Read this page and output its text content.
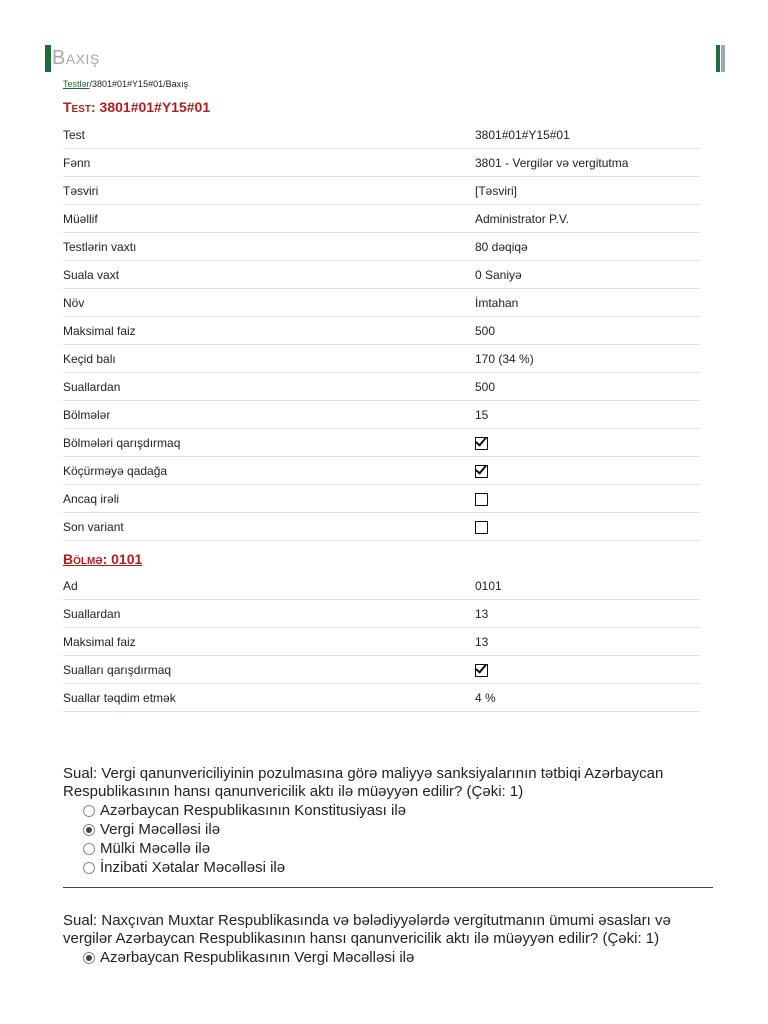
Baxış
Testlər/3801#01#Y15#01/Baxış
Test: 3801#01#Y15#01
Test	3801#01#Y15#01
Fənn	3801 - Vergilər və vergitutma
Təsviri	[Təsviri]
Müəllif	Administrator P.V.
Testlərin vaxtı	80 dəqiqə
Suala vaxt	0 Saniyə
Növ	İmtahan
Maksimal faiz	500
Keçid balı	170 (34 %)
Suallardan	500
Bölmələr	15
Bölmələri qarışdırmaq	
Köçürməyə qadağa	
Ancaq irəli	
Son variant	
Bölmə: 0101
Ad	0101
Suallardan	13
Maksimal faiz	13
Sualları qarışdırmaq	
Suallar təqdim etmək	4 %
Sual: Vergi qanunvericiliyinin pozulmasına görə maliyyə sanksiyalarının tətbiqi Azərbaycan Respublikasının hansı qanunvericilik aktı ilə müəyyən edilir? (Çəki: 1)
Azərbaycan Respublikasının Konstitusiyası ilə
Vergi Məcəlləsi ilə
Mülki Məcəllə ilə
İnzibati Xətalar Məcəlləsi ilə
Sual: Naxçıvan Muxtar Respublikasında və bələdiyyələrdə vergitutmanın ümumi əsasları və vergilər Azərbaycan Respublikasının hansı qanunvericilik aktı ilə müəyyən edilir? (Çəki: 1)
Azərbaycan Respublikasının Vergi Məcəlləsi ilə
